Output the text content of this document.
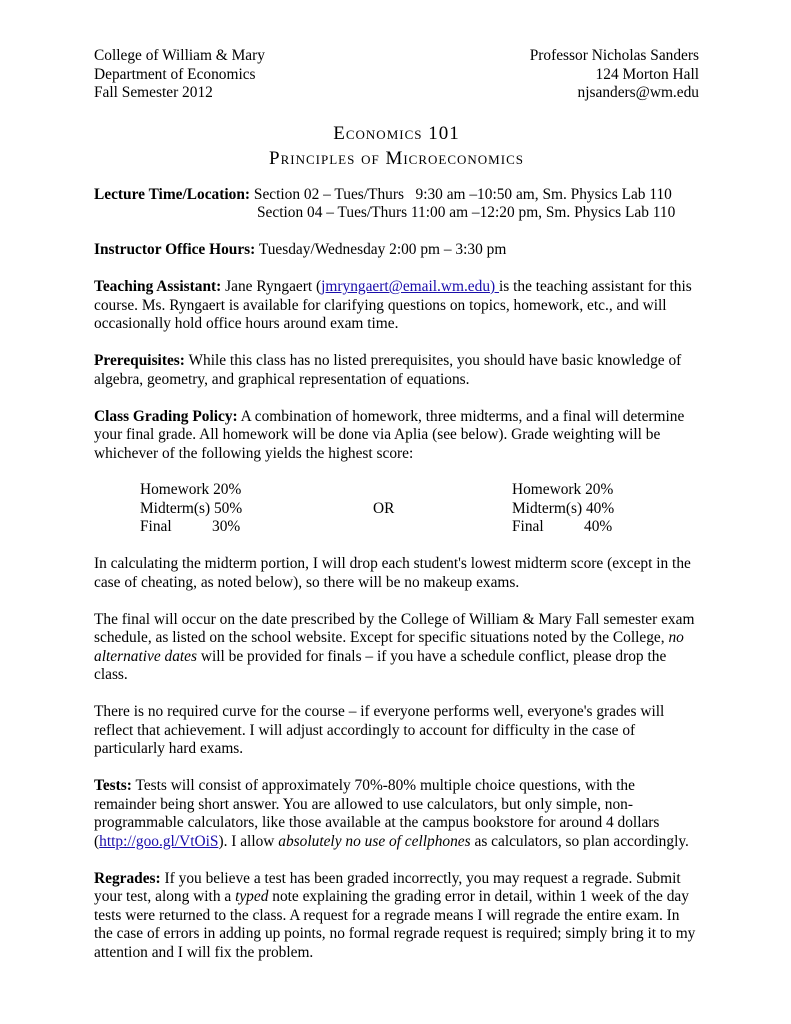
College of William & Mary

Department of Economics

Fall Semester 2012

Professor Nicholas Sanders

124 Morton Hall

njsanders@wm.edu

Economics 101

Principles of Microeconomics

Lecture Time/Location: Section 02 – Tues/Thurs   9:30 am –10:50 am, Sm. Physics Lab 110

Section 04 – Tues/Thurs 11:00 am –12:20 pm, Sm. Physics Lab 110

Instructor Office Hours: Tuesday/Wednesday 2:00 pm – 3:30 pm

Teaching Assistant: Jane Ryngaert (jmryngaert@email.wm.edu) is the teaching assistant for this course. Ms. Ryngaert is available for clarifying questions on topics, homework, etc., and will occasionally hold office hours around exam time.

Prerequisites: While this class has no listed prerequisites, you should have basic knowledge of algebra, geometry, and graphical representation of equations.

Class Grading Policy: A combination of homework, three midterms, and a final will determine your final grade. All homework will be done via Aplia (see below). Grade weighting will be whichever of the following yields the highest score:

Homework 20%
Midterm(s) 50%
Final	30%
OR
Homework 20%
Midterm(s) 40%
Final	40%

In calculating the midterm portion, I will drop each student's lowest midterm score (except in the case of cheating, as noted below), so there will be no makeup exams.

The final will occur on the date prescribed by the College of William & Mary Fall semester exam schedule, as listed on the school website. Except for specific situations noted by the College, no alternative dates will be provided for finals – if you have a schedule conflict, please drop the class.

There is no required curve for the course – if everyone performs well, everyone's grades will reflect that achievement. I will adjust accordingly to account for difficulty in the case of particularly hard exams.

Tests: Tests will consist of approximately 70%-80% multiple choice questions, with the remainder being short answer. You are allowed to use calculators, but only simple, non-programmable calculators, like those available at the campus bookstore for around 4 dollars (http://goo.gl/VtOiS). I allow absolutely no use of cellphones as calculators, so plan accordingly.

Regrades: If you believe a test has been graded incorrectly, you may request a regrade. Submit your test, along with a typed note explaining the grading error in detail, within 1 week of the day tests were returned to the class. A request for a regrade means I will regrade the entire exam. In the case of errors in adding up points, no formal regrade request is required; simply bring it to my attention and I will fix the problem.
